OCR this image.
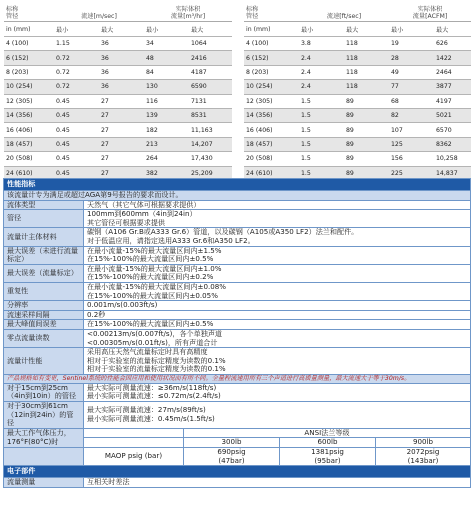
标称
管径	流速[m/sec]		实际体积
流量[m³/hr]	
in (mm)	最小	最大	最小	最大
4 (100)	1.15	36	34	1064
6 (152)	0.72	36	48	2416
8 (203)	0.72	36	84	4187
10 (254)	0.72	36	130	6590
12 (305)	0.45	27	116	7131
14 (356)	0.45	27	139	8531
16 (406)	0.45	27	182	11,163
18 (457)	0.45	27	213	14,207
20 (508)	0.45	27	264	17,430
24 (610)	0.45	27	382	25,209
标称
管径	流速[ft/sec]		实际体积
流量[ACFM]	
in (mm)	最小	最大	最小	最大
4 (100)	3.8	118	19	626
6 (152)	2.4	118	28	1422
8 (203)	2.4	118	49	2464
10 (254)	2.4	118	77	3877
12 (305)	1.5	89	68	4197
14 (356)	1.5	89	82	5021
16 (406)	1.5	89	107	6570
18 (457)	1.5	89	125	8362
20 (508)	1.5	89	156	10,258
24 (610)	1.5	89	225	14,837
性能指标				
该流量计专为满足或超过AGA第9号报告的要求而设计。				
流体类型	天然气（其它气体可根据要求提供）			

管径	100mm到600mm（4in到24in）
其它管径可根据要求提供			

流量计主体材料	碳钢（A106 Gr.B或A333 Gr.6）管道，以及碳钢（A105或A350 LF2）法兰和配件。
对于低温应用，请指定选用A333 Gr.6和A350 LF2。			

最大误差（未进行流量标定）	在最小流量-15%的最大流量区间内±1.5%
在15%-100%的最大流量区间内±0.5%			

最大误差（流量标定）	在最小流量-15%的最大流量区间内±1.0%
在15%-100%的最大流量区间内±0.2%			

重复性	在最小流量-15%的最大流量区间内±0.08%
在15%-100%的最大流量区间内±0.05%			

分辨率	0.001m/s(0.003ft/s)			
流速采样间隔	0.2秒			
最大峰值间误差	在15%-100%的最大流量区间内±0.5%			
零点流量读数	<0.00213m/s(0.007ft/s)，各个单独声道
<0.00305m/s(0.01ft/s)，所有声道合计			

流量计性能	采用高压天然气流量标定时具有高精度
相对于实验室的流量标定精度为读数的0.1%
相对于实验室的流量标定精度为读数的0.1%			

产品规格如有变更，Sentinel系统的性能会因应用和使用状况而有所不同。全量程流速用所有三个声道进行高质量测量，最大流速大于等于30m/s。				
对于15cm到25cm（4in到10in）的管径	最大实际可测量流速：≥36m/s(118ft/s)
最小实际可测量流速：≤0.72m/s(2.4ft/s)			

对于30cm到61cm（12in到24in）的管径	最大实际可测量流速：27m/s(89ft/s)
最小实际可测量流速：0.45m/s(1.5ft/s)			

最大工作气体压力，176°F(80°C)时		ANSI法兰等级		
		300lb	600lb	900lb
	MAOP psig (bar)	690psig
(47bar)	1381psig
(95bar)	2072psig
(143bar)
电子部件				
流量测量	互相关时差法			
